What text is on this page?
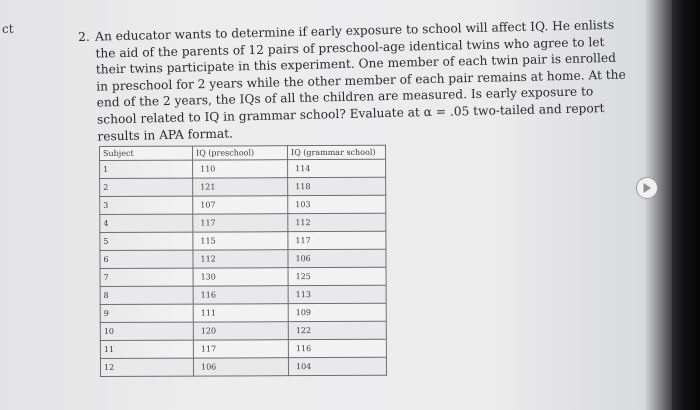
ct
2. An educator wants to determine if early exposure to school will affect IQ. He enlists the aid of the parents of 12 pairs of preschool-age identical twins who agree to let their twins participate in this experiment. One member of each twin pair is enrolled in preschool for 2 years while the other member of each pair remains at home. At the end of the 2 years, the IQs of all the children are measured. Is early exposure to school related to IQ in grammar school? Evaluate at α = .05 two-tailed and report results in APA format.
Subject	IQ (preschool)	IQ (grammar school)
1	110	114
2	121	118
3	107	103
4	117	112
5	115	117
6	112	106
7	130	125
8	116	113
9	111	109
10	120	122
11	117	116
12	106	104
